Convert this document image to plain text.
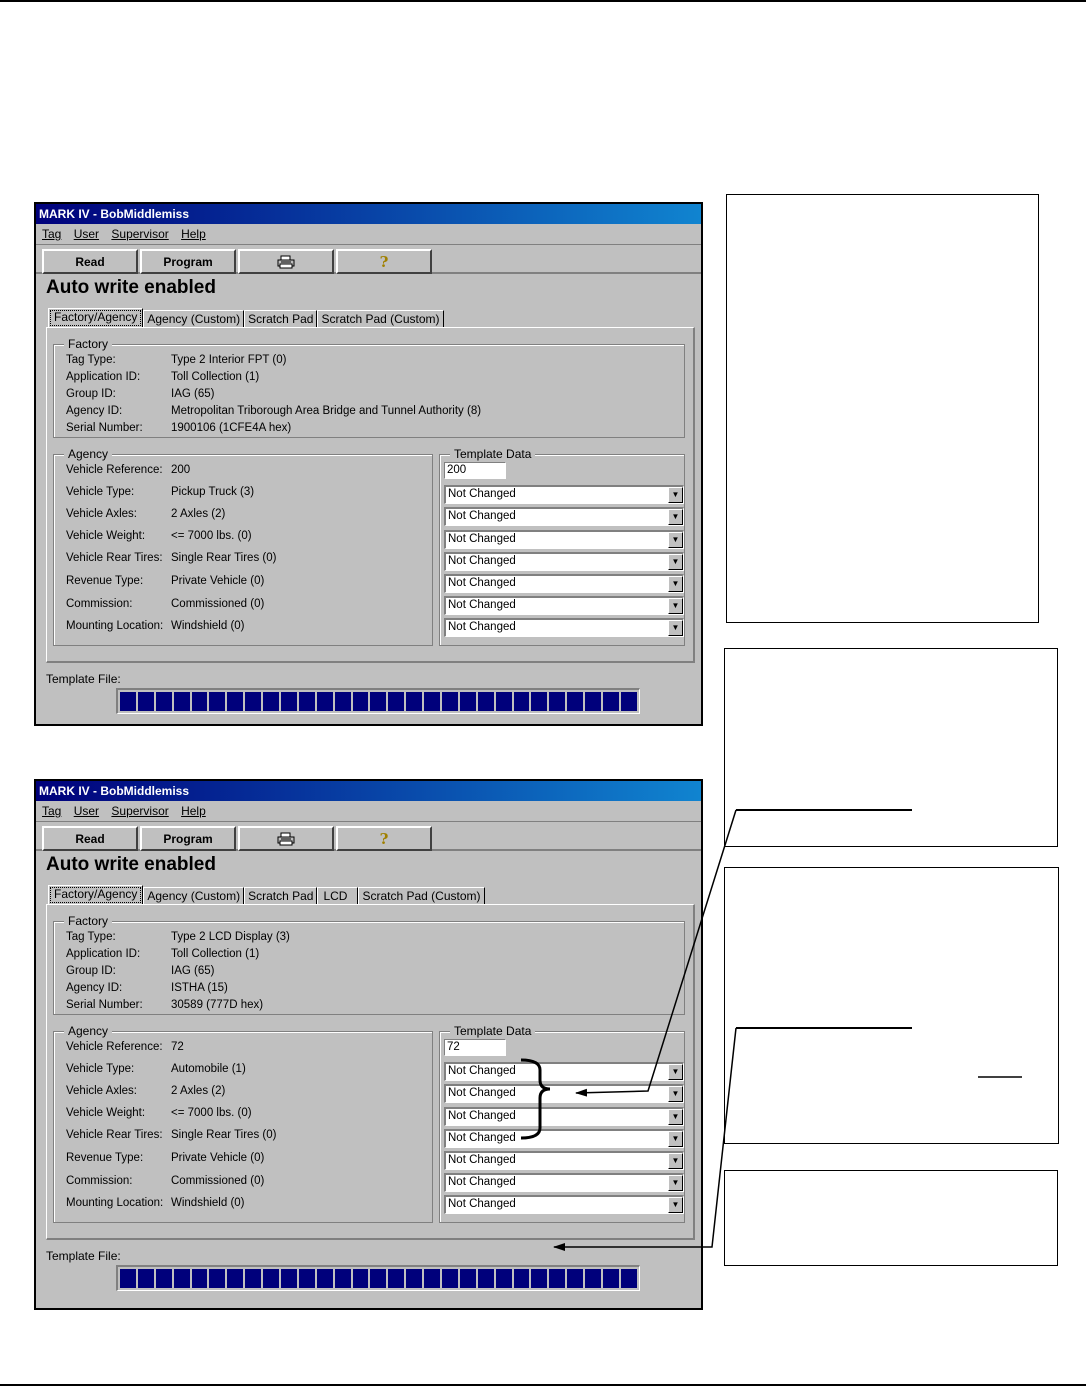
MARK IV - BobMiddlemiss
Tag User Supervisor Help
Read	Program	?
Auto write enabled
Factory/Agency Agency (Custom) Scratch Pad Scratch Pad (Custom)
Factory
Tag Type:	Type 2 Interior FPT (0)
Application ID:	Toll Collection (1)
Group ID:	IAG (65)
Agency ID:	Metropolitan Triborough Area Bridge and Tunnel Authority (8)
Serial Number: 1900106 (1CFE4A hex)
Agency
Vehicle Reference: 200
Vehicle Type:	Pickup Truck (3)
Vehicle Axles:	2 Axles (2)
Vehicle Weight: <= 7000 lbs. (0)
Vehicle Rear Tires: Single Rear Tires (0)
Revenue Type: Private Vehicle (0)
Commission:	Commissioned (0)
Mounting Location: Windshield (0)
Template Data
200
Not Changed	▼
Not Changed	▼
Not Changed	▼
Not Changed	▼
Not Changed	▼
Not Changed	▼
Not Changed	▼
Template File:
MARK IV - BobMiddlemiss
Tag User Supervisor Help
Read	Program	?
Auto write enabled
Factory/Agency Agency (Custom) Scratch Pad LCD	Scratch Pad (Custom)
Factory
Tag Type:	Type 2 LCD Display (3)
Application ID:	Toll Collection (1)
Group ID:	IAG (65)
Agency ID:	ISTHA (15)
Serial Number: 30589 (777D hex)
Agency
Vehicle Reference: 72
Vehicle Type:	Automobile (1)
Vehicle Axles:	2 Axles (2)
Vehicle Weight: <= 7000 lbs. (0)
Vehicle Rear Tires: Single Rear Tires (0)
Revenue Type: Private Vehicle (0)
Commission:	Commissioned (0)
Mounting Location: Windshield (0)
Template Data
72
Not Changed	▼
Not Changed	▼
Not Changed	▼
Not Changed	▼
Not Changed	▼
Not Changed	▼
Not Changed	▼
Template File:
